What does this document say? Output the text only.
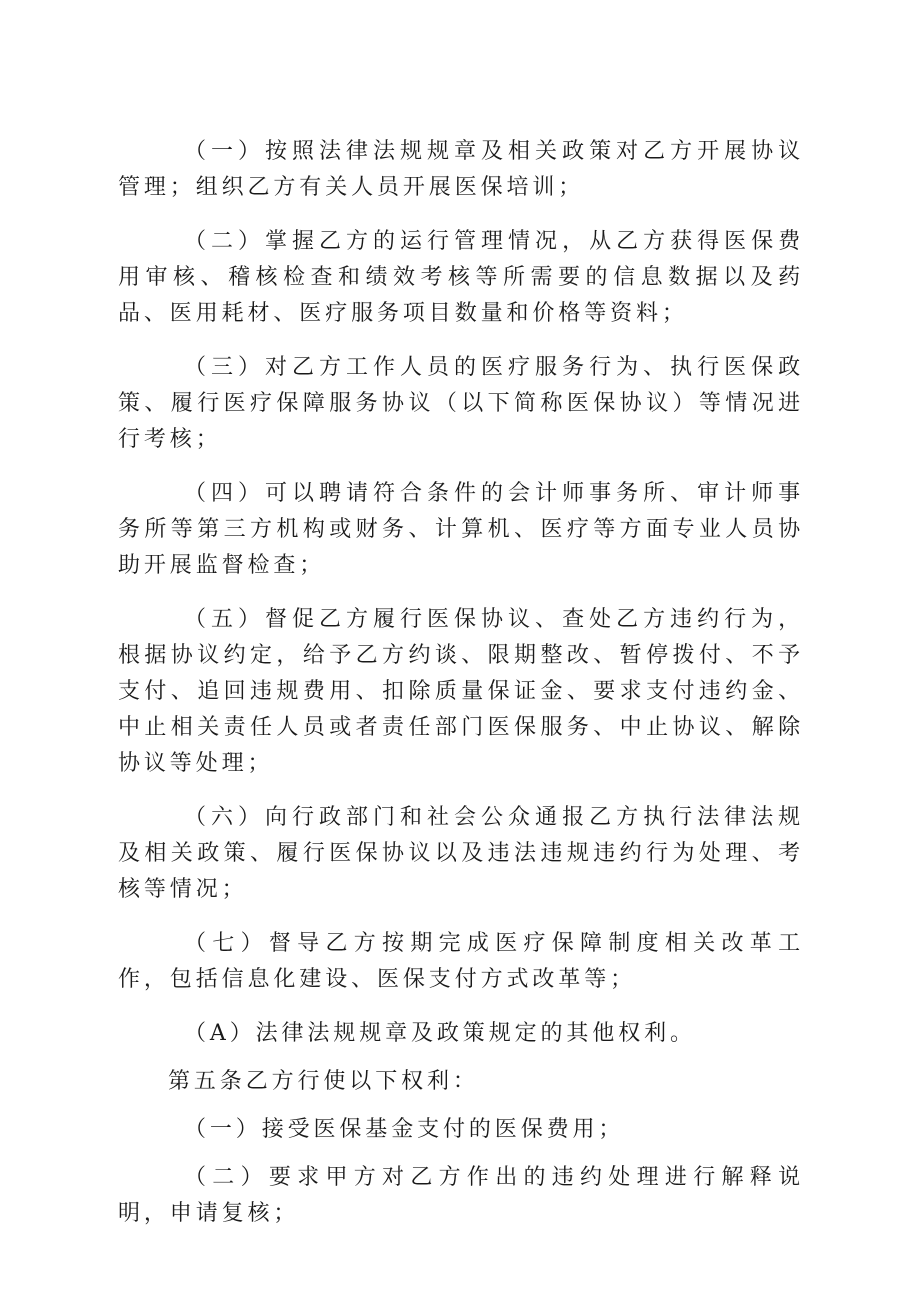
（一）按照法律法规规章及相关政策对乙方开展协议管理；组织乙方有关人员开展医保培训；

（二）掌握乙方的运行管理情况，从乙方获得医保费用审核、稽核检查和绩效考核等所需要的信息数据以及药品、医用耗材、医疗服务项目数量和价格等资料；

（三）对乙方工作人员的医疗服务行为、执行医保政策、履行医疗保障服务协议（以下简称医保协议）等情况进行考核；

（四）可以聘请符合条件的会计师事务所、审计师事务所等第三方机构或财务、计算机、医疗等方面专业人员协助开展监督检查；

（五）督促乙方履行医保协议、查处乙方违约行为，根据协议约定，给予乙方约谈、限期整改、暂停拨付、不予支付、追回违规费用、扣除质量保证金、要求支付违约金、中止相关责任人员或者责任部门医保服务、中止协议、解除协议等处理；

（六）向行政部门和社会公众通报乙方执行法律法规及相关政策、履行医保协议以及违法违规违约行为处理、考核等情况；

（七）督导乙方按期完成医疗保障制度相关改革工作，包括信息化建设、医保支付方式改革等；

（A）法律法规规章及政策规定的其他权利。

第五条乙方行使以下权利：

（一）接受医保基金支付的医保费用；

（二）要求甲方对乙方作出的违约处理进行解释说明，申请复核；
